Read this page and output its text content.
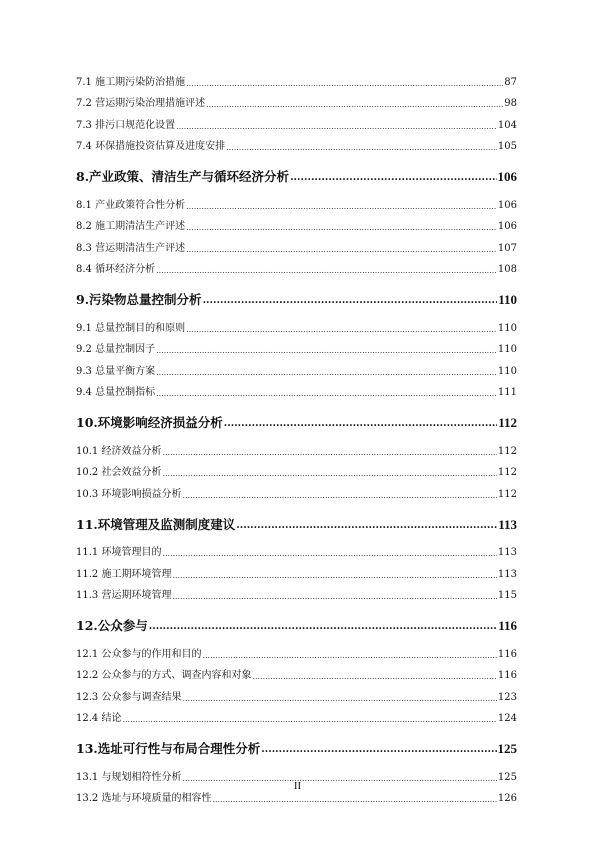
7.1 施工期污染防治措施 .....	87
7.2 营运期污染治理措施评述 .....	98
7.3 排污口规范化设置 .....	104
7.4 环保措施投资估算及进度安排 .....	105
8.产业政策、清洁生产与循环经济分析 .....	106
8.1 产业政策符合性分析 .....	106
8.2 施工期清洁生产评述 .....	106
8.3 营运期清洁生产评述 .....	107
8.4 循环经济分析 .....	108
9.污染物总量控制分析 .....	110
9.1 总量控制目的和原则 .....	110
9.2 总量控制因子 .....	110
9.3 总量平衡方案 .....	110
9.4 总量控制指标 .....	111
10.环境影响经济损益分析 .....	112
10.1 经济效益分析 .....	112
10.2 社会效益分析 .....	112
10.3 环境影响损益分析 .....	112
11.环境管理及监测制度建议 .....	113
11.1 环境管理目的 .....	113
11.2 施工期环境管理 .....	113
11.3 营运期环境管理 .....	115
12.公众参与 .....	116
12.1 公众参与的作用和目的 .....	116
12.2 公众参与的方式、调查内容和对象 .....	116
12.3 公众参与调查结果 .....	123
12.4 结论 .....	124
13.选址可行性与布局合理性分析 .....	125
13.1 与规划相符性分析 .....	125
13.2 选址与环境质量的相容性 .....	126
II
